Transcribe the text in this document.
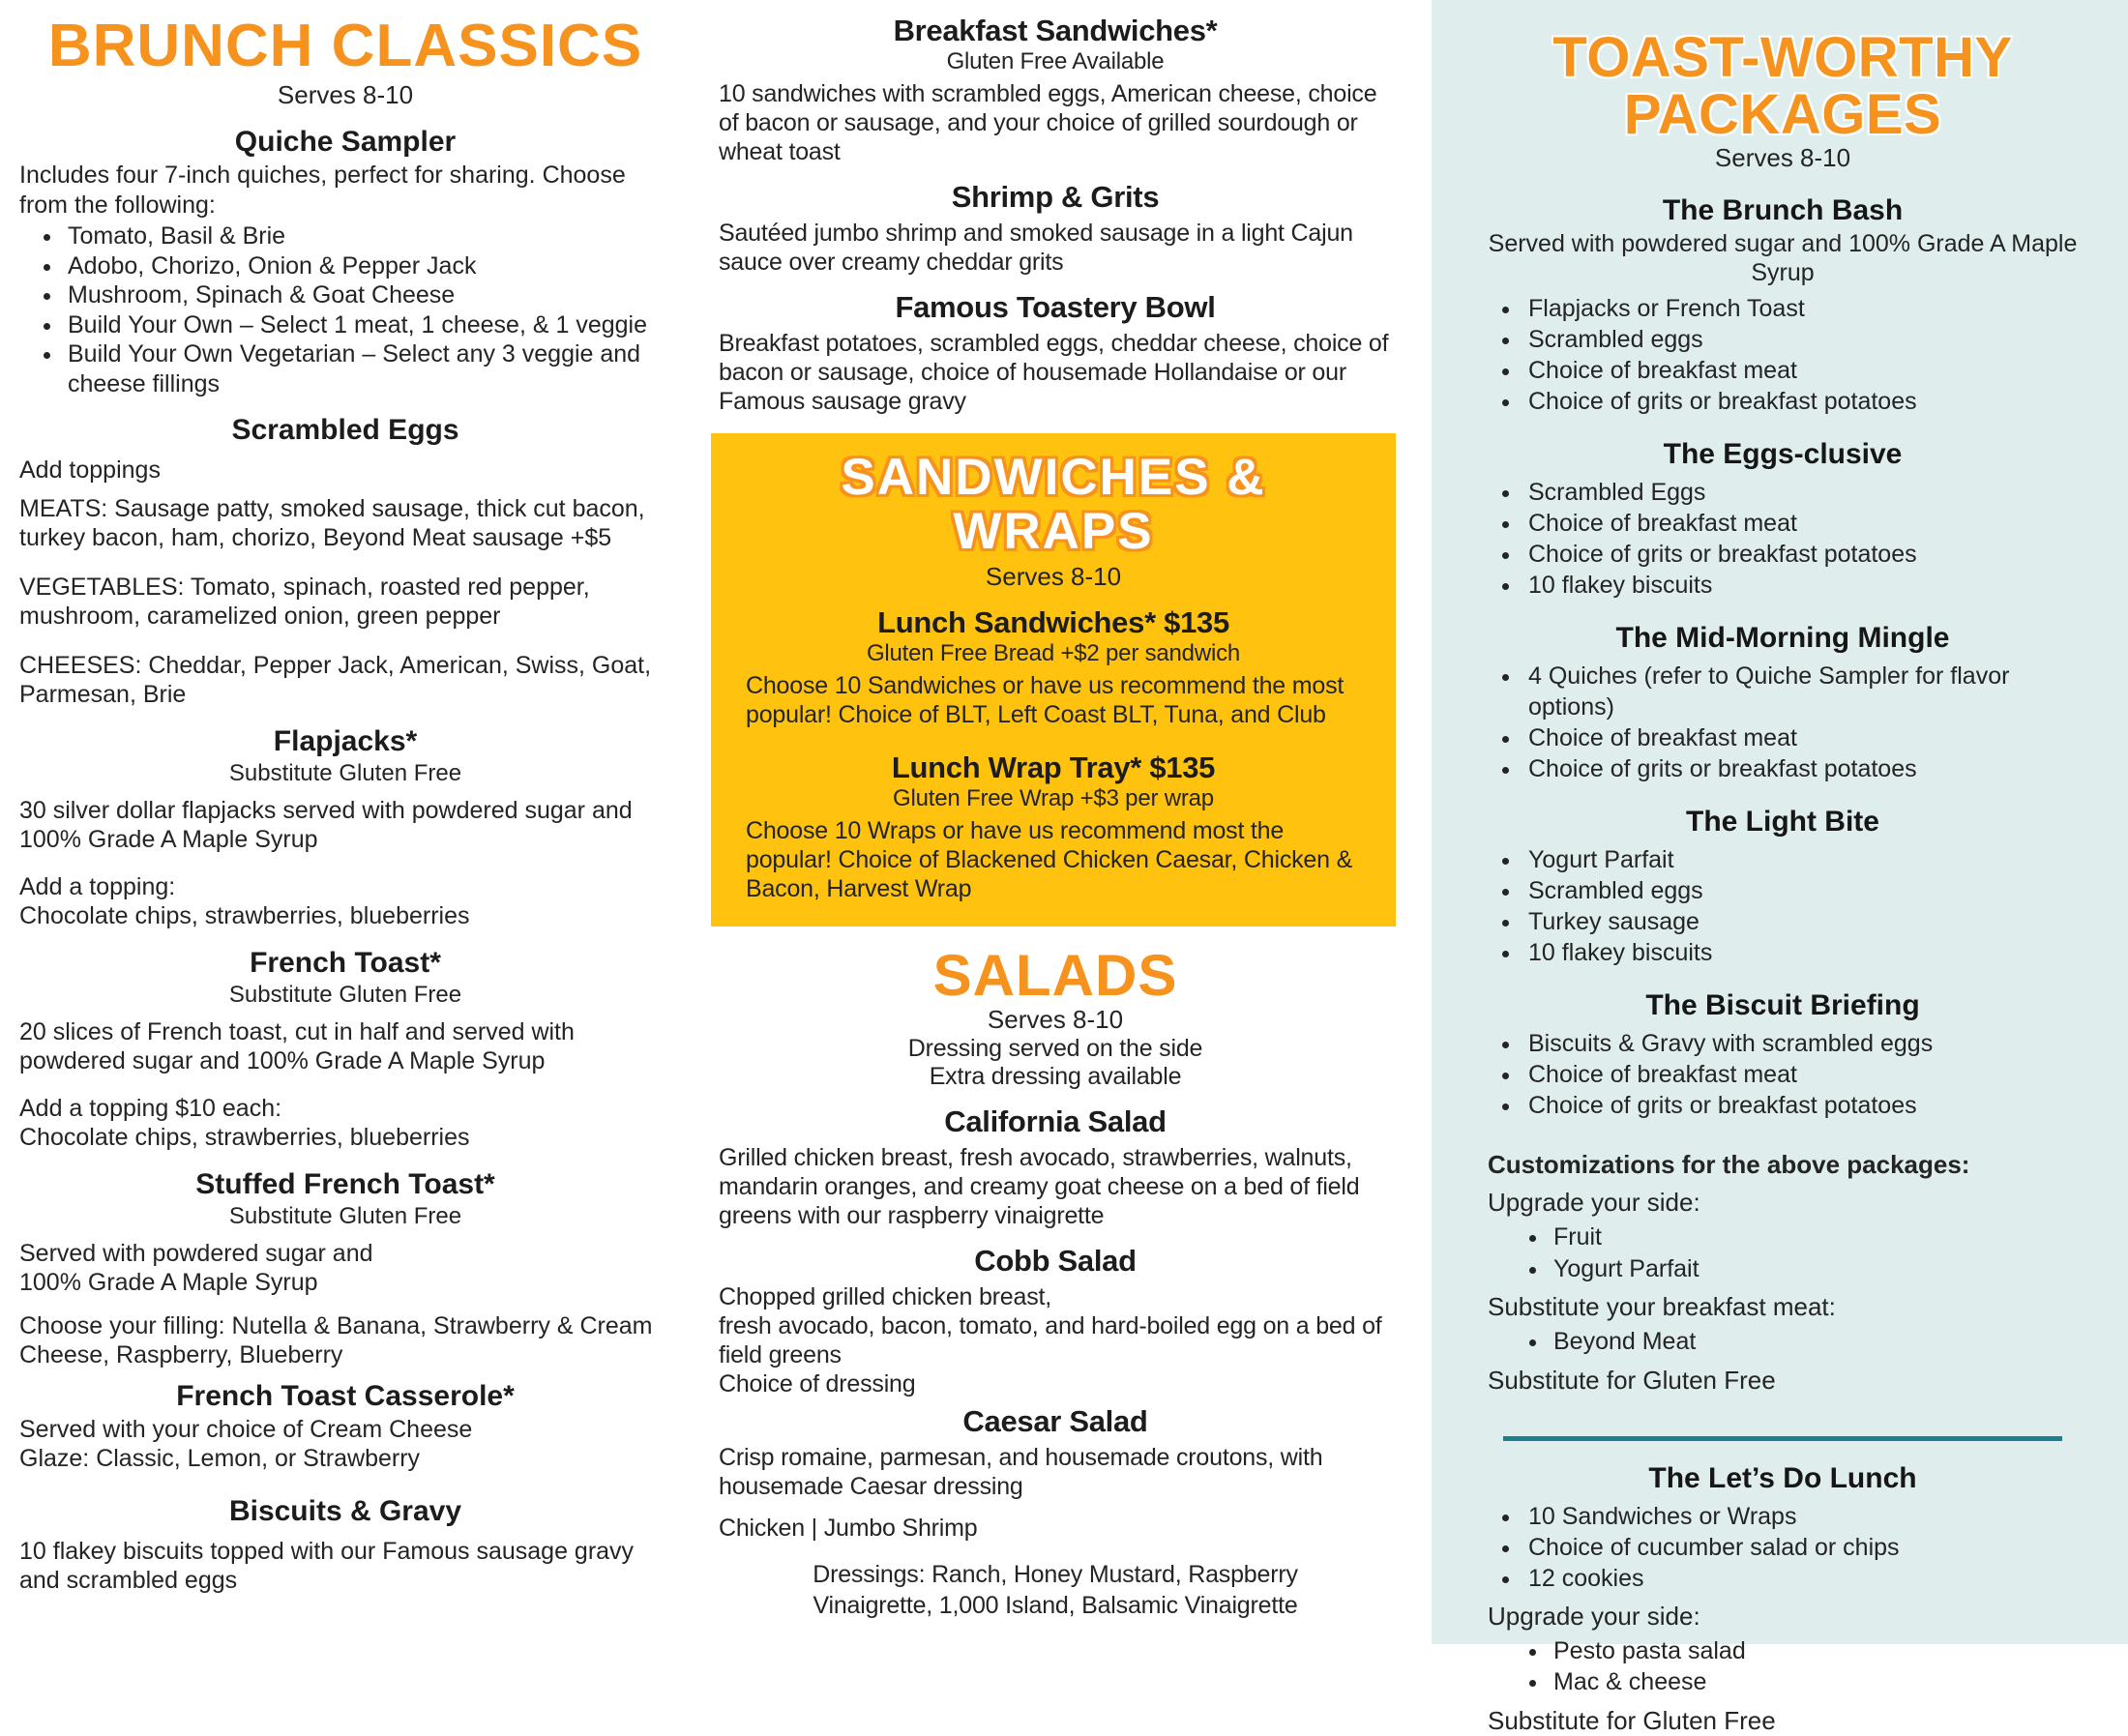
BRUNCH CLASSICS
Serves 8-10
Quiche Sampler
Includes four 7-inch quiches, perfect for sharing. Choose from the following:
• Tomato, Basil & Brie
• Adobo, Chorizo, Onion & Pepper Jack
• Mushroom, Spinach & Goat Cheese
• Build Your Own – Select 1 meat, 1 cheese, & 1 veggie
• Build Your Own Vegetarian – Select any 3 veggie and cheese fillings
Scrambled Eggs

Add toppings

MEATS: Sausage patty, smoked sausage, thick cut bacon, turkey bacon, ham, chorizo, Beyond Meat sausage +$5

VEGETABLES: Tomato, spinach, roasted red pepper, mushroom, caramelized onion, green pepper

CHEESES: Cheddar, Pepper Jack, American, Swiss, Goat, Parmesan, Brie

Flapjacks*
Substitute Gluten Free

30 silver dollar flapjacks served with powdered sugar and 100% Grade A Maple Syrup

Add a topping:

Chocolate chips, strawberries, blueberries

French Toast*
Substitute Gluten Free

20 slices of French toast, cut in half and served with powdered sugar and 100% Grade A Maple Syrup

Add a topping $10 each:

Chocolate chips, strawberries, blueberries

Stuffed French Toast*
Substitute Gluten Free

Served with powdered sugar and

100% Grade A Maple Syrup

Choose your filling: Nutella & Banana, Strawberry & Cream Cheese, Raspberry, Blueberry

French Toast Casserole*

Served with your choice of Cream Cheese

Glaze: Classic, Lemon, or Strawberry

Biscuits & Gravy

10 flakey biscuits topped with our Famous sausage gravy and scrambled eggs

Breakfast Sandwiches*
Gluten Free Available
10 sandwiches with scrambled eggs, American cheese, choice of bacon or sausage, and your choice of grilled sourdough or wheat toast
Shrimp & Grits
Sautéed jumbo shrimp and smoked sausage in a light Cajun sauce over creamy cheddar grits
Famous Toastery Bowl
Breakfast potatoes, scrambled eggs, cheddar cheese, choice of bacon or sausage, choice of housemade Hollandaise or our Famous sausage gravy
SANDWICHES & WRAPS
Serves 8-10
Lunch Sandwiches* $135
Gluten Free Bread +$2 per sandwich
Choose 10 Sandwiches or have us recommend the most popular! Choice of BLT, Left Coast BLT, Tuna, and Club
Lunch Wrap Tray* $135
Gluten Free Wrap +$3 per wrap
Choose 10 Wraps or have us recommend most the popular! Choice of Blackened Chicken Caesar, Chicken & Bacon, Harvest Wrap
SALADS
Serves 8-10
Dressing served on the side
Extra dressing available
California Salad
Grilled chicken breast, fresh avocado, strawberries, walnuts, mandarin oranges, and creamy goat cheese on a bed of field greens with our raspberry vinaigrette
Cobb Salad
Chopped grilled chicken breast,
fresh avocado, bacon, tomato, and hard-boiled egg on a bed of field greens
Choice of dressing
Caesar Salad
Crisp romaine, parmesan, and housemade croutons, with housemade Caesar dressing
Chicken | Jumbo Shrimp
Dressings: Ranch, Honey Mustard, Raspberry Vinaigrette, 1,000 Island, Balsamic Vinaigrette
TOAST-WORTHY
PACKAGES
Serves 8-10
The Brunch Bash
Served with powdered sugar and 100% Grade A Maple Syrup
• Flapjacks or French Toast
• Scrambled eggs
• Choice of breakfast meat
• Choice of grits or breakfast potatoes
The Eggs-clusive
• Scrambled Eggs
• Choice of breakfast meat
• Choice of grits or breakfast potatoes
• 10 flakey biscuits
The Mid-Morning Mingle
• 4 Quiches (refer to Quiche Sampler for flavor options)
• Choice of breakfast meat
• Choice of grits or breakfast potatoes
The Light Bite
• Yogurt Parfait
• Scrambled eggs
• Turkey sausage
• 10 flakey biscuits
The Biscuit Briefing
• Biscuits & Gravy with scrambled eggs
• Choice of breakfast meat
• Choice of grits or breakfast potatoes
Customizations for the above packages:
Upgrade your side:
• Fruit
• Yogurt Parfait
Substitute your breakfast meat:
• Beyond Meat
Substitute for Gluten Free
The Let’s Do Lunch
• 10 Sandwiches or Wraps
• Choice of cucumber salad or chips
• 12 cookies
Upgrade your side:
• Pesto pasta salad
• Mac & cheese
Substitute for Gluten Free
